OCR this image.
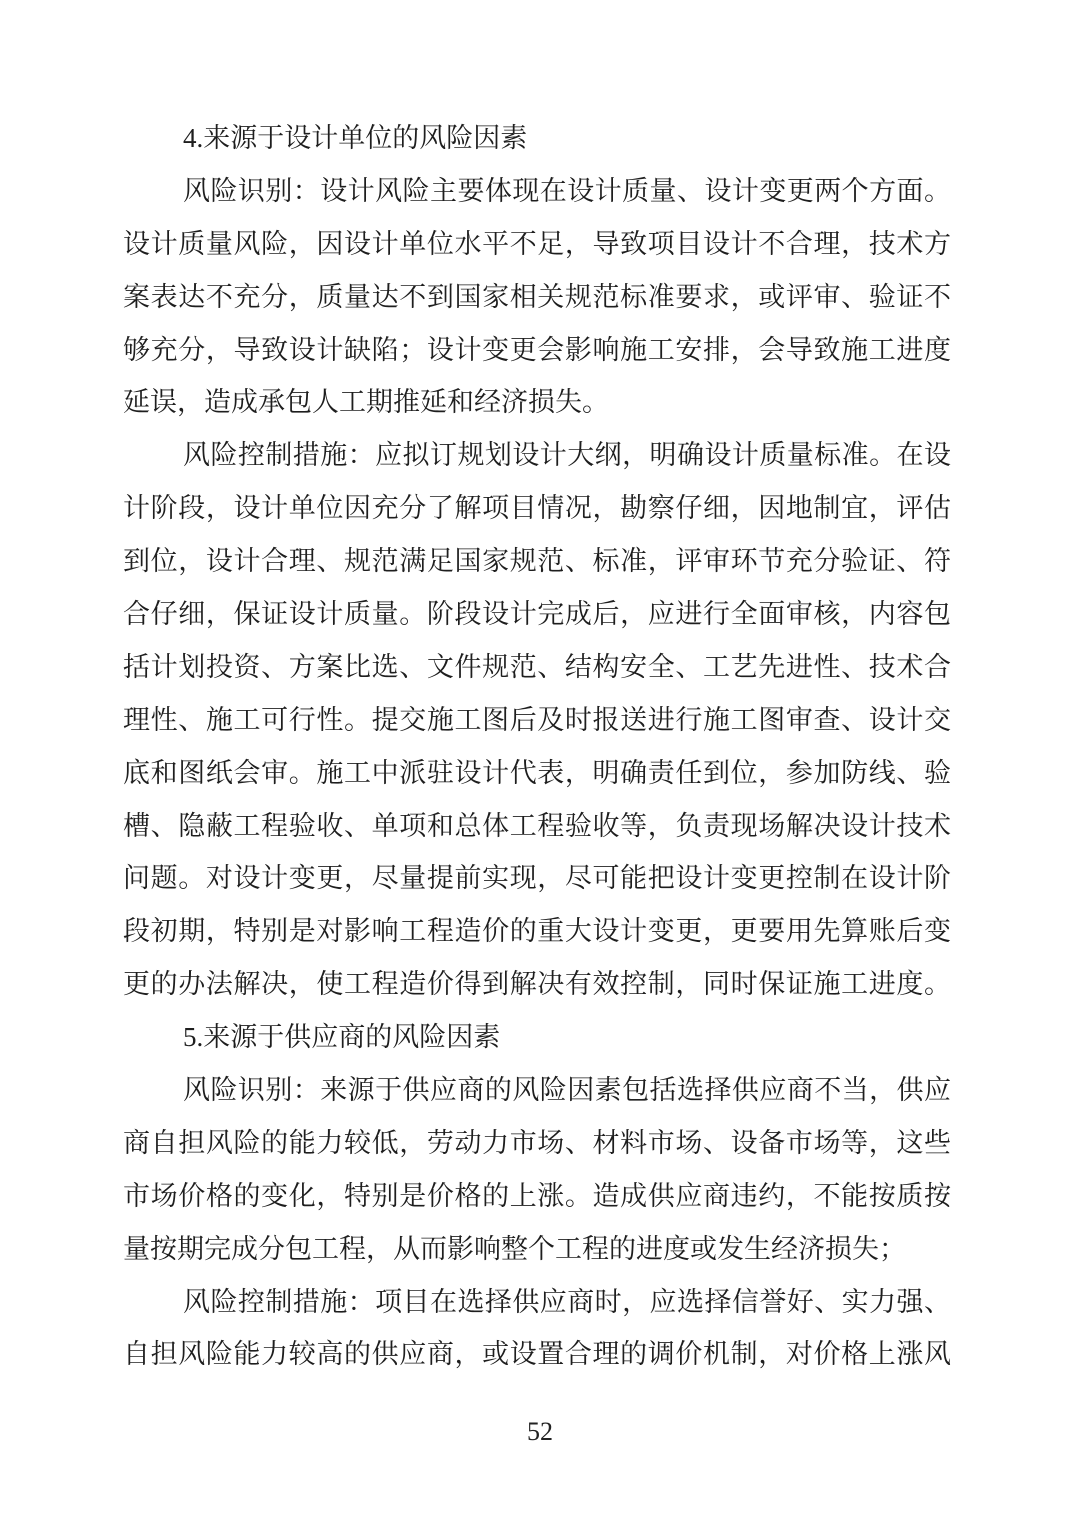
4.来源于设计单位的风险因素

风险识别：设计风险主要体现在设计质量、设计变更两个方面。

设计质量风险，因设计单位水平不足，导致项目设计不合理，技术方

案表达不充分，质量达不到国家相关规范标准要求，或评审、验证不

够充分，导致设计缺陷；设计变更会影响施工安排，会导致施工进度

延误，造成承包人工期推延和经济损失。

风险控制措施：应拟订规划设计大纲，明确设计质量标准。在设

计阶段，设计单位因充分了解项目情况，勘察仔细，因地制宜，评估

到位，设计合理、规范满足国家规范、标准，评审环节充分验证、符

合仔细，保证设计质量。阶段设计完成后，应进行全面审核，内容包

括计划投资、方案比选、文件规范、结构安全、工艺先进性、技术合

理性、施工可行性。提交施工图后及时报送进行施工图审查、设计交

底和图纸会审。施工中派驻设计代表，明确责任到位，参加防线、验

槽、隐蔽工程验收、单项和总体工程验收等，负责现场解决设计技术

问题。对设计变更，尽量提前实现，尽可能把设计变更控制在设计阶

段初期，特别是对影响工程造价的重大设计变更，更要用先算账后变

更的办法解决，使工程造价得到解决有效控制，同时保证施工进度。

5.来源于供应商的风险因素

风险识别：来源于供应商的风险因素包括选择供应商不当，供应

商自担风险的能力较低，劳动力市场、材料市场、设备市场等，这些

市场价格的变化，特别是价格的上涨。造成供应商违约，不能按质按

量按期完成分包工程，从而影响整个工程的进度或发生经济损失；

风险控制措施：项目在选择供应商时，应选择信誉好、实力强、

自担风险能力较高的供应商，或设置合理的调价机制，对价格上涨风

52
